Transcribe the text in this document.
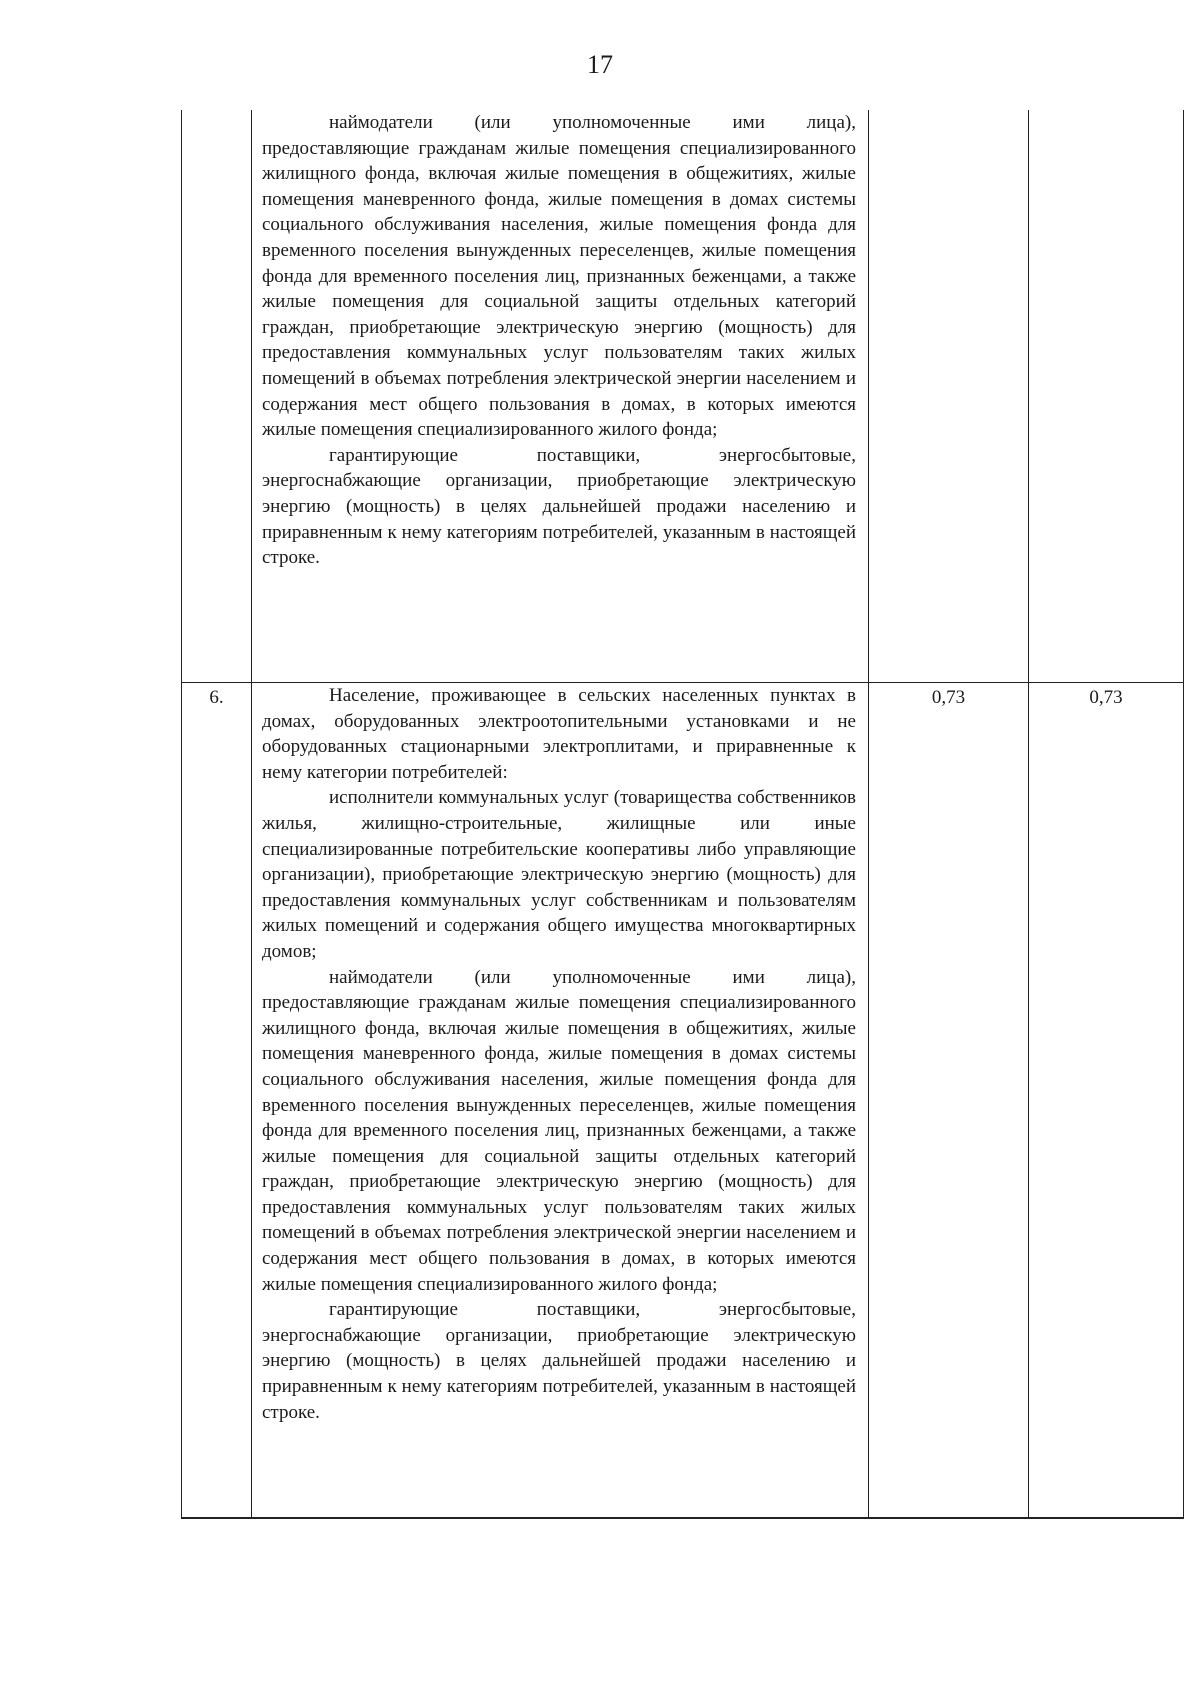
17

	наймодатели (или уполномоченные ими лица), предоставляющие гражданам жилые помещения специализированного жилищного фонда, включая жилые помещения в общежитиях, жилые помещения маневренного фонда, жилые помещения в домах системы социального обслуживания населения, жилые помещения фонда для временного поселения вынужденных переселенцев, жилые помещения фонда для временного поселения лиц, признанных беженцами, а также жилые помещения для социальной защиты отдельных категорий граждан, приобретающие электрическую энергию (мощность) для предоставления коммунальных услуг пользователям таких жилых помещений в объемах потребления электрической энергии населением и содержания мест общего пользования в домах, в которых имеются жилые помещения специализированного жилого фонда;

гарантирующие поставщики, энергосбытовые, энергоснабжающие организации, приобретающие электрическую энергию (мощность) в целях дальнейшей продажи населению и приравненным к нему категориям потребителей, указанным в настоящей строке.		

6.	Население, проживающее в сельских населенных пунктах в домах, оборудованных электроотопительными установками и не оборудованных стационарными электроплитами, и приравненные к нему категории потребителей:

исполнители коммунальных услуг (товарищества собственников жилья, жилищно-строительные, жилищные или иные специализированные потребительские кооперативы либо управляющие организации), приобретающие электрическую энергию (мощность) для предоставления коммунальных услуг собственникам и пользователям жилых помещений и содержания общего имущества многоквартирных домов;

наймодатели (или уполномоченные ими лица), предоставляющие гражданам жилые помещения специализированного жилищного фонда, включая жилые помещения в общежитиях, жилые помещения маневренного фонда, жилые помещения в домах системы социального обслуживания населения, жилые помещения фонда для временного поселения вынужденных переселенцев, жилые помещения фонда для временного поселения лиц, признанных беженцами, а также жилые помещения для социальной защиты отдельных категорий граждан, приобретающие электрическую энергию (мощность) для предоставления коммунальных услуг пользователям таких жилых помещений в объемах потребления электрической энергии населением и содержания мест общего пользования в домах, в которых имеются жилые помещения специализированного жилого фонда;

гарантирующие поставщики, энергосбытовые, энергоснабжающие организации, приобретающие электрическую энергию (мощность) в целях дальнейшей продажи населению и приравненным к нему категориям потребителей, указанным в настоящей строке.	0,73	0,73
